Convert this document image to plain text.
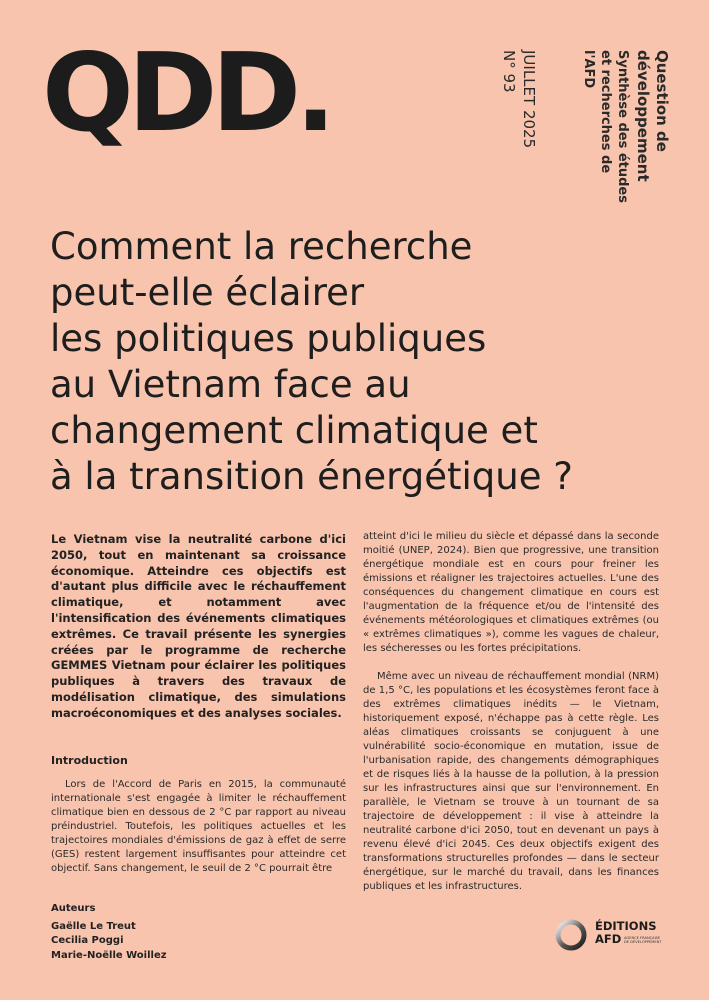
QDD.	Question de
développement
Synthèse des études
et recherches de
l'AFD
JUILLET 2025
N° 93
Comment la recherche
peut-elle éclairer
les politiques publiques
au Vietnam face au
changement climatique et
à la transition énergétique ?

Le Vietnam vise la neutralité carbone d'ici 2050, tout en maintenant sa croissance économique. Atteindre ces objectifs est d'autant plus difficile avec le réchauffement climatique, et notamment avec l'intensification des événements climatiques extrêmes. Ce travail présente les synergies créées par le programme de recherche GEMMES Vietnam pour éclairer les politiques publiques à travers des travaux de modélisation climatique, des simulations macroéconomiques et des analyses sociales.

Introduction

Lors de l'Accord de Paris en 2015, la communauté internationale s'est engagée à limiter le réchauffement climatique bien en dessous de 2 °C par rapport au niveau préindustriel. Toutefois, les politiques actuelles et les trajectoires mondiales d'émissions de gaz à effet de serre (GES) restent largement insuffisantes pour atteindre cet objectif. Sans changement, le seuil de 2 °C pourrait être

atteint d'ici le milieu du siècle et dépassé dans la seconde moitié (UNEP, 2024). Bien que progressive, une transition énergétique mondiale est en cours pour freiner les émissions et réaligner les trajectoires actuelles. L'une des conséquences du changement climatique en cours est l'augmentation de la fréquence et/ou de l'intensité des événements météorologiques et climatiques extrêmes (ou « extrêmes climatiques »), comme les vagues de chaleur, les sécheresses ou les fortes précipitations.

Même avec un niveau de réchauffement mondial (NRM) de 1,5 °C, les populations et les écosystèmes feront face à des extrêmes climatiques inédits — le Vietnam, historiquement exposé, n'échappe pas à cette règle. Les aléas climatiques croissants se conjuguent à une vulnérabilité socio-économique en mutation, issue de l'urbanisation rapide, des changements démographiques et de risques liés à la hausse de la pollution, à la pression sur les infrastructures ainsi que sur l'environnement. En parallèle, le Vietnam se trouve à un tournant de sa trajectoire de développement : il vise à atteindre la neutralité carbone d'ici 2050, tout en devenant un pays à revenu élevé d'ici 2045. Ces deux objectifs exigent des transformations structurelles profondes — dans le secteur énergétique, sur le marché du travail, dans les finances publiques et les infrastructures.

Auteurs
Gaëlle Le Treut
Cecilia Poggi
Marie-Noëlle Woillez
ÉDITIONS
AFD AGENCE FRANÇAISE DE DÉVELOPPEMENT
